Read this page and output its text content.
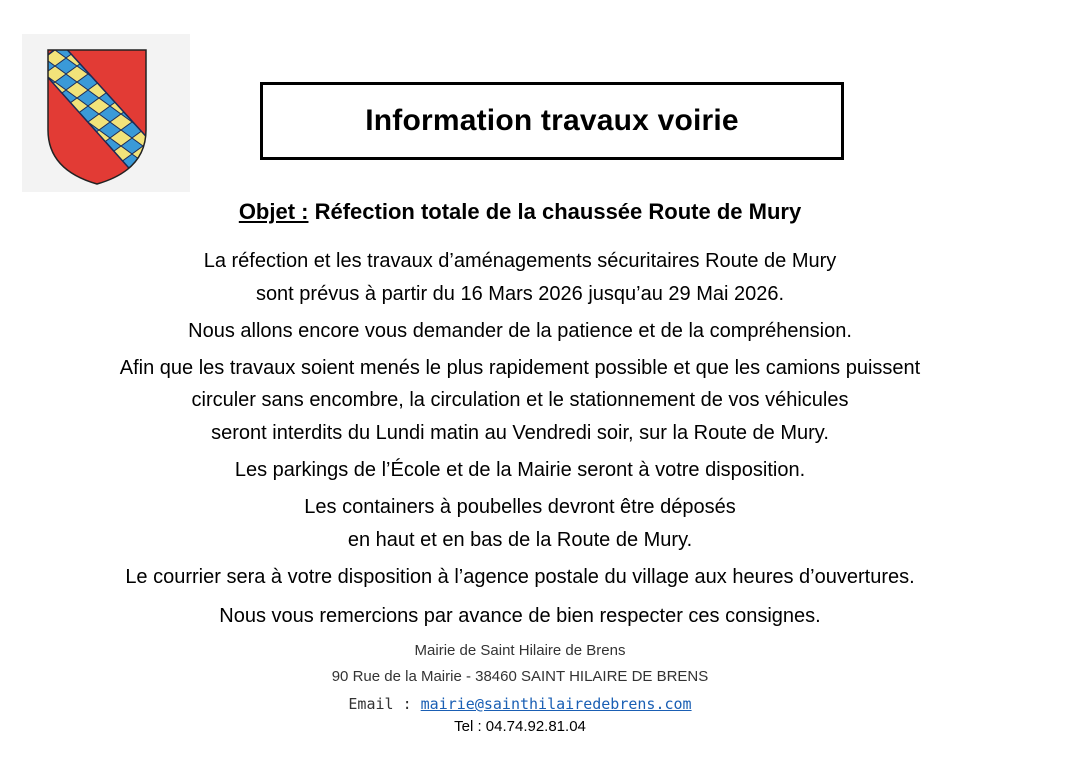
Information travaux voirie
Objet : Réfection totale de la chaussée Route de Mury
La réfection et les travaux d’aménagements sécuritaires Route de Mury
sont prévus à partir du 16 Mars 2026 jusqu’au 29 Mai 2026.
Nous allons encore vous demander de la patience et de la compréhension.
Afin que les travaux soient menés le plus rapidement possible et que les camions puissent
circuler sans encombre, la circulation et le stationnement de vos véhicules
seront interdits du Lundi matin au Vendredi soir, sur la Route de Mury.
Les parkings de l’École et de la Mairie seront à votre disposition.
Les containers à poubelles devront être déposés
en haut et en bas de la Route de Mury.
Le courrier sera à votre disposition à l’agence postale du village aux heures d’ouvertures.
Nous vous remercions par avance de bien respecter ces consignes.
Mairie de Saint Hilaire de Brens
90 Rue de la Mairie - 38460 SAINT HILAIRE DE BRENS
Email : mairie@sainthilairedebrens.com
Tel : 04.74.92.81.04
